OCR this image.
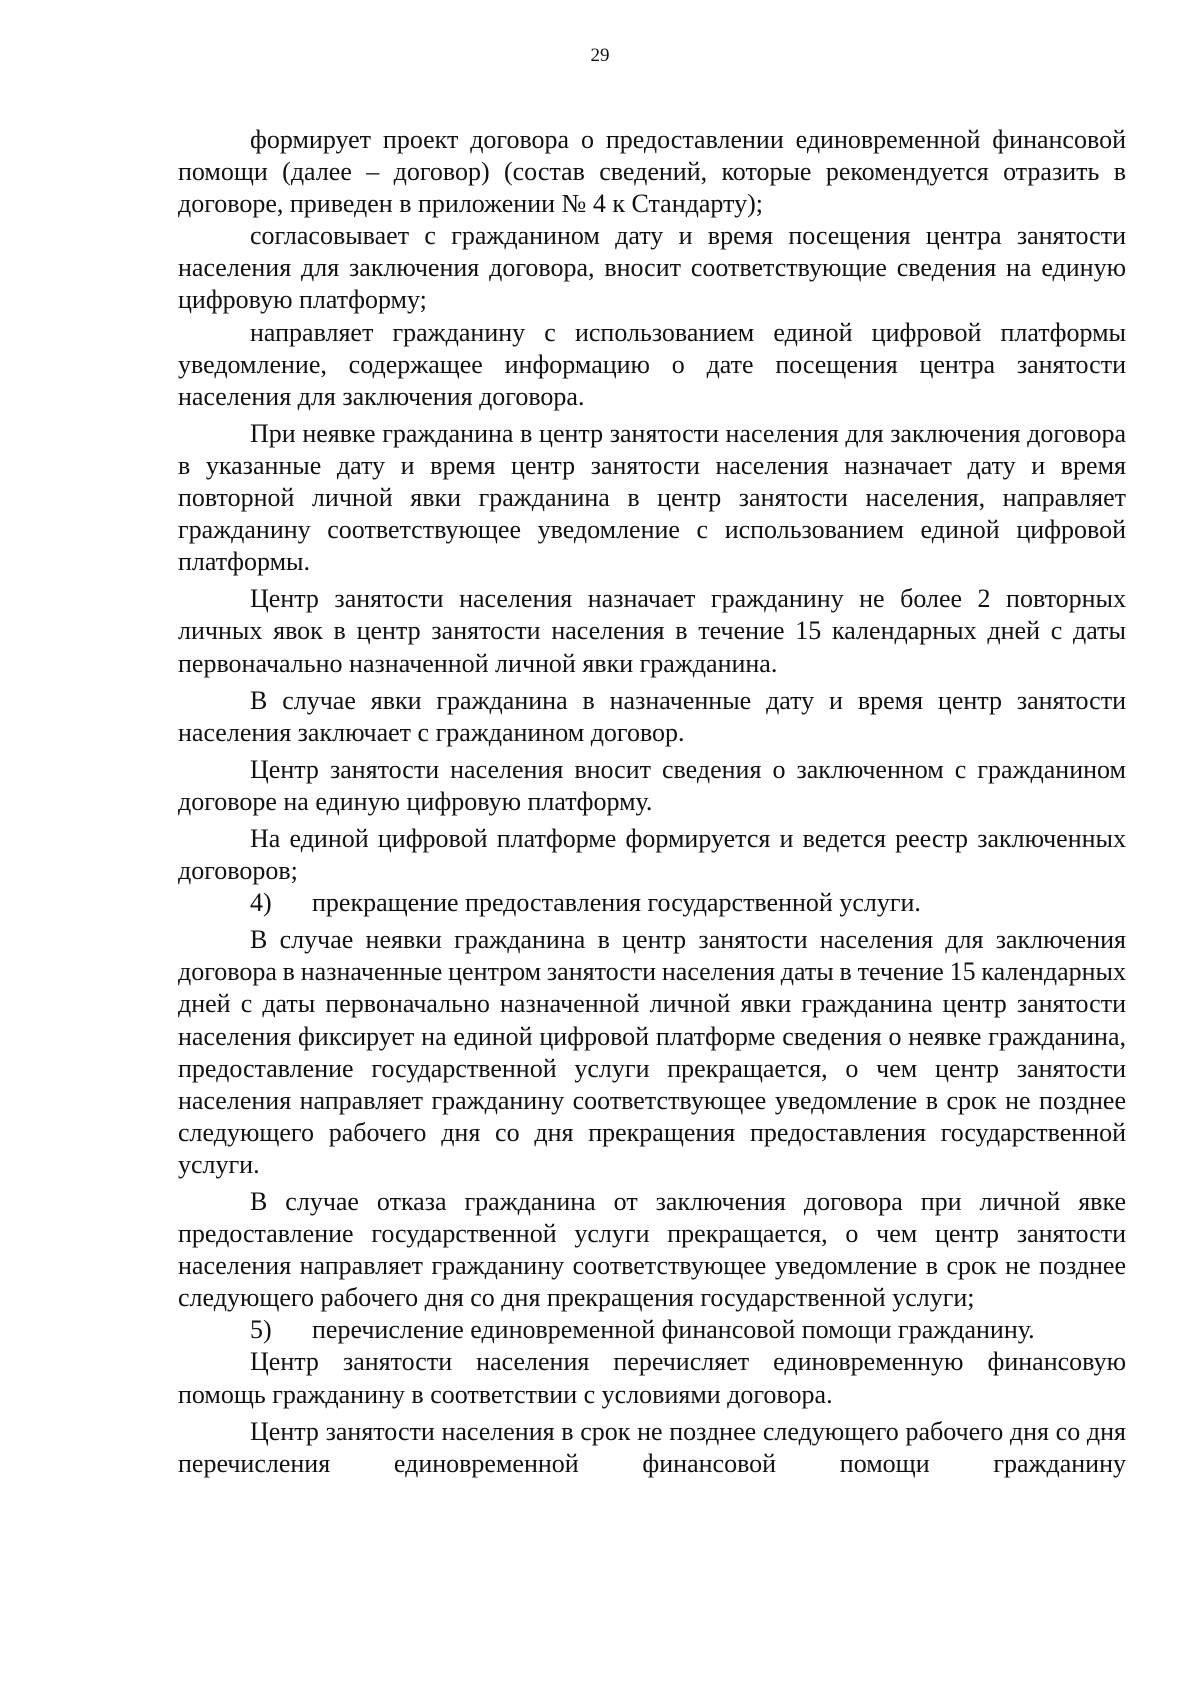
29

формирует проект договора о предоставлении единовременной финансовой помощи (далее – договор) (состав сведений, которые рекомендуется отразить в договоре, приведен в приложении № 4 к Стандарту);

согласовывает с гражданином дату и время посещения центра занятости населения для заключения договора, вносит соответствующие сведения на единую цифровую платформу;

направляет гражданину с использованием единой цифровой платформы уведомление, содержащее информацию о дате посещения центра занятости населения для заключения договора.

При неявке гражданина в центр занятости населения для заключения договора в указанные дату и время центр занятости населения назначает дату и время повторной личной явки гражданина в центр занятости населения, направляет гражданину соответствующее уведомление с использованием единой цифровой платформы.

Центр занятости населения назначает гражданину не более 2 повторных личных явок в центр занятости населения в течение 15 календарных дней с даты первоначально назначенной личной явки гражданина.

В случае явки гражданина в назначенные дату и время центр занятости населения заключает с гражданином договор.

Центр занятости населения вносит сведения о заключенном с гражданином договоре на единую цифровую платформу.

На единой цифровой платформе формируется и ведется реестр заключенных договоров;

4) прекращение предоставления государственной услуги.

В случае неявки гражданина в центр занятости населения для заключения договора в назначенные центром занятости населения даты в течение 15 календарных дней с даты первоначально назначенной личной явки гражданина центр занятости населения фиксирует на единой цифровой платформе сведения о неявке гражданина, предоставление государственной услуги прекращается, о чем центр занятости населения направляет гражданину соответствующее уведомление в срок не позднее следующего рабочего дня со дня прекращения предоставления государственной услуги.

В случае отказа гражданина от заключения договора при личной явке предоставление государственной услуги прекращается, о чем центр занятости населения направляет гражданину соответствующее уведомление в срок не позднее следующего рабочего дня со дня прекращения государственной услуги;

5) перечисление единовременной финансовой помощи гражданину.

Центр занятости населения перечисляет единовременную финансовую помощь гражданину в соответствии с условиями договора.

Центр занятости населения в срок не позднее следующего рабочего дня со дня перечисления единовременной финансовой помощи гражданину
